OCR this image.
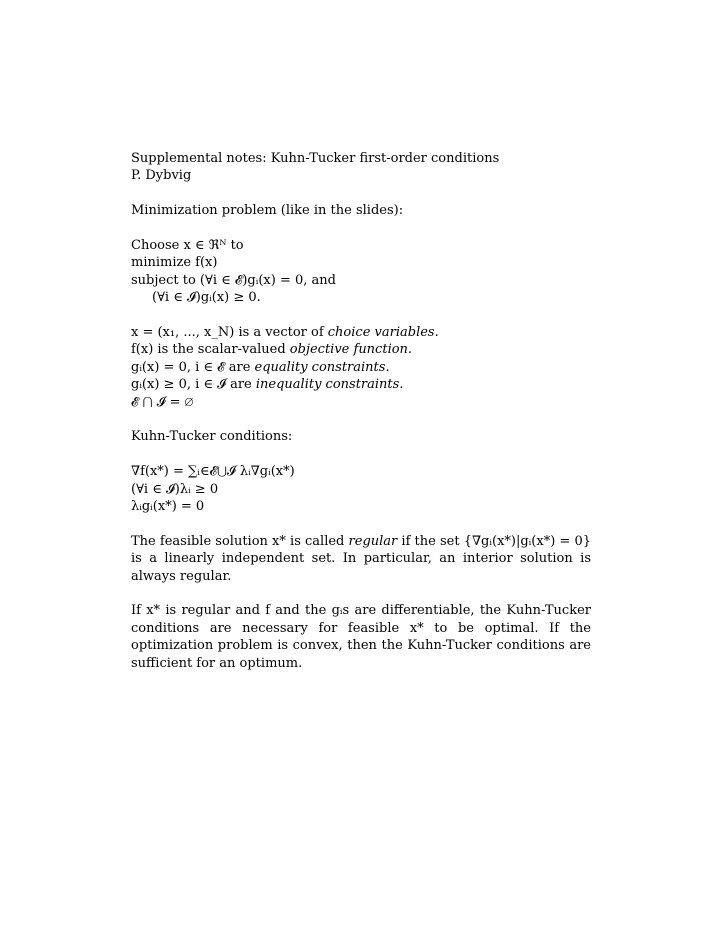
Supplemental notes: Kuhn-Tucker first-order conditions
P. Dybvig
Minimization problem (like in the slides):
Choose x ∈ ℜᴺ to
minimize f(x)
subject to (∀i ∈ 𝓔)gᵢ(x) = 0, and
(∀i ∈ 𝓘)gᵢ(x) ≥ 0.
x = (x₁, ..., x_N) is a vector of choice variables.
f(x) is the scalar-valued objective function.
gᵢ(x) = 0, i ∈ 𝓔 are equality constraints.
gᵢ(x) ≥ 0, i ∈ 𝓘 are inequality constraints.
𝓔 ⋂ 𝓘 = ∅
Kuhn-Tucker conditions:
∇f(x*) = ∑ᵢ∈𝓔⋃𝓘 λᵢ∇gᵢ(x*)
(∀i ∈ 𝓘)λᵢ ≥ 0
λᵢgᵢ(x*) = 0
The feasible solution x* is called regular if the set {∇gᵢ(x*)|gᵢ(x*) = 0} is a linearly independent set. In particular, an interior solution is always regular.
If x* is regular and f and the gᵢs are differentiable, the Kuhn-Tucker conditions are necessary for feasible x* to be optimal. If the optimization problem is convex, then the Kuhn-Tucker conditions are sufficient for an optimum.
